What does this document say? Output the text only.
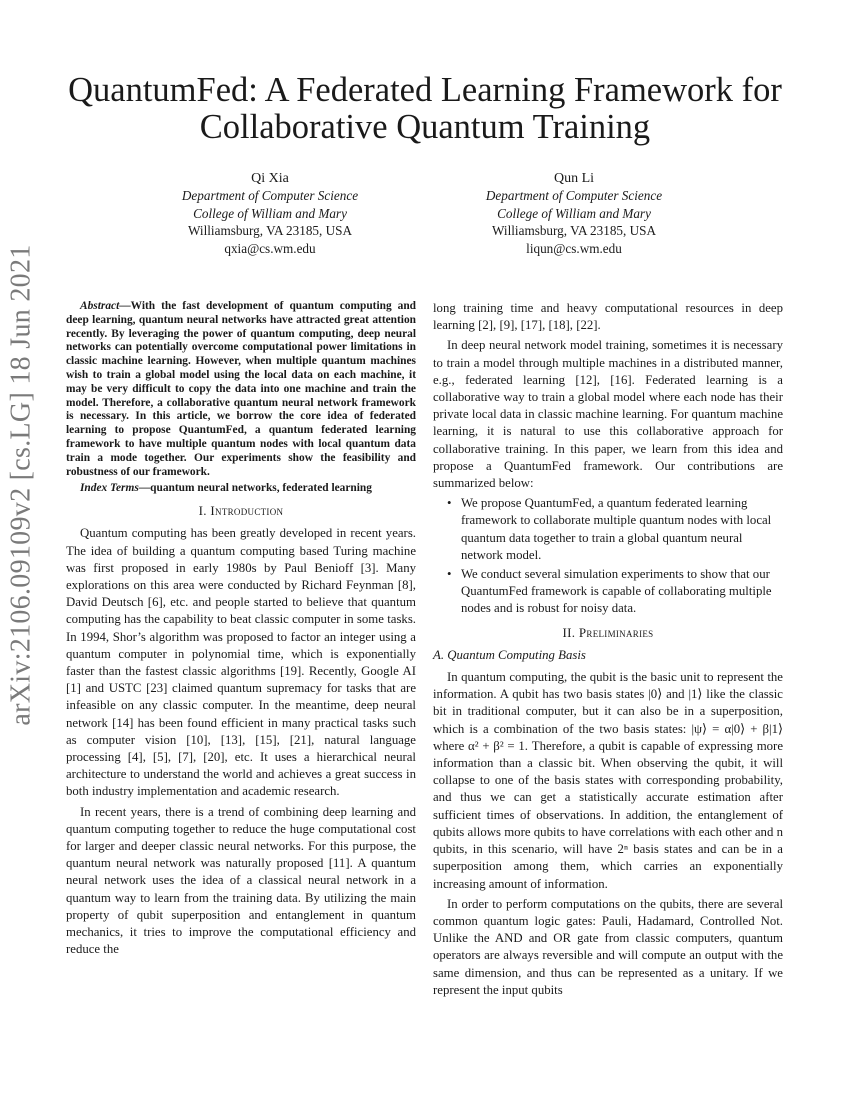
arXiv:2106.09109v2 [cs.LG] 18 Jun 2021
QuantumFed: A Federated Learning Framework for
Collaborative Quantum Training
Qi Xia
Department of Computer Science
College of William and Mary
Williamsburg, VA 23185, USA
qxia@cs.wm.edu
Qun Li
Department of Computer Science
College of William and Mary
Williamsburg, VA 23185, USA
liqun@cs.wm.edu

Abstract—With the fast development of quantum computing and deep learning, quantum neural networks have attracted great attention recently. By leveraging the power of quantum computing, deep neural networks can potentially overcome computational power limitations in classic machine learning. However, when multiple quantum machines wish to train a global model using the local data on each machine, it may be very difficult to copy the data into one machine and train the model. Therefore, a collaborative quantum neural network framework is necessary. In this article, we borrow the core idea of federated learning to propose QuantumFed, a quantum federated learning framework to have multiple quantum nodes with local quantum data train a mode together. Our experiments show the feasibility and robustness of our framework.

Index Terms—quantum neural networks, federated learning

I. Introduction

Quantum computing has been greatly developed in recent years. The idea of building a quantum computing based Turing machine was first proposed in early 1980s by Paul Benioff [3]. Many explorations on this area were conducted by Richard Feynman [8], David Deutsch [6], etc. and people started to believe that quantum computing has the capability to beat classic computer in some tasks. In 1994, Shor’s algorithm was proposed to factor an integer using a quantum computer in polynomial time, which is exponentially faster than the fastest classic algorithms [19]. Recently, Google AI [1] and USTC [23] claimed quantum supremacy for tasks that are infeasible on any classic computer. In the meantime, deep neural network [14] has been found efficient in many practical tasks such as computer vision [10], [13], [15], [21], natural language processing [4], [5], [7], [20], etc. It uses a hierarchical neural architecture to understand the world and achieves a great success in both industry implementation and academic research.

In recent years, there is a trend of combining deep learning and quantum computing together to reduce the huge computational cost for larger and deeper classic neural networks. For this purpose, the quantum neural network was naturally proposed [11]. A quantum neural network uses the idea of a classical neural network in a quantum way to learn from the training data. By utilizing the main property of qubit superposition and entanglement in quantum mechanics, it tries to improve the computational efficiency and reduce the

long training time and heavy computational resources in deep learning [2], [9], [17], [18], [22].

In deep neural network model training, sometimes it is necessary to train a model through multiple machines in a distributed manner, e.g., federated learning [12], [16]. Federated learning is a collaborative way to train a global model where each node has their private local data in classic machine learning. For quantum machine learning, it is natural to use this collaborative approach for collaborative training. In this paper, we learn from this idea and propose a QuantumFed framework. Our contributions are summarized below:

• We propose QuantumFed, a quantum federated learning framework to collaborate multiple quantum nodes with local quantum data together to train a global quantum neural network model.
• We conduct several simulation experiments to show that our QuantumFed framework is capable of collaborating multiple nodes and is robust for noisy data.
II. Preliminaries
A. Quantum Computing Basis

In quantum computing, the qubit is the basic unit to represent the information. A qubit has two basis states |0⟩ and |1⟩ like the classic bit in traditional computer, but it can also be in a superposition, which is a combination of the two basis states: |ψ⟩ = α|0⟩ + β|1⟩ where α² + β² = 1. Therefore, a qubit is capable of expressing more information than a classic bit. When observing the qubit, it will collapse to one of the basis states with corresponding probability, and thus we can get a statistically accurate estimation after sufficient times of observations. In addition, the entanglement of qubits allows more qubits to have correlations with each other and n qubits, in this scenario, will have 2ⁿ basis states and can be in a superposition among them, which carries an exponentially increasing amount of information.

In order to perform computations on the qubits, there are several common quantum logic gates: Pauli, Hadamard, Controlled Not. Unlike the AND and OR gate from classic computers, quantum operators are always reversible and will compute an output with the same dimension, and thus can be represented as a unitary. If we represent the input qubits
